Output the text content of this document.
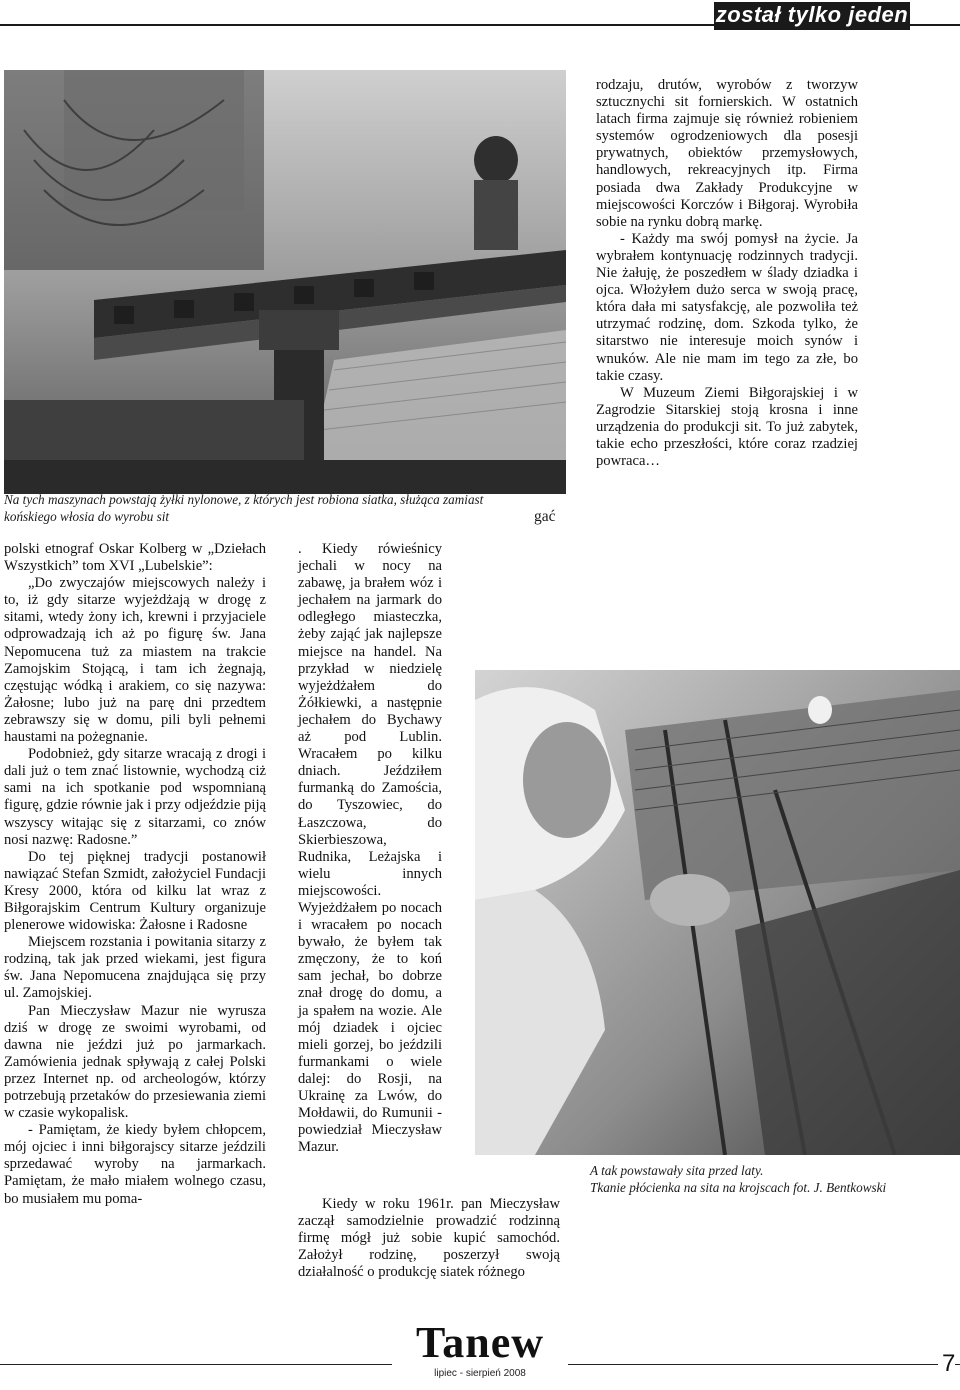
został tylko jeden
Na tych maszynach powstają żyłki nylonowe, z których jest robiona siatka, służąca zamiast końskiego włosia do wyrobu sit	gać

rodzaju, drutów, wyrobów z tworzyw sztucznychi sit fornierskich. W ostatnich latach firma zajmuje się również robieniem systemów ogrodzeniowych dla posesji prywatnych, obiektów przemysłowych, handlowych, rekreacyjnych itp. Firma posiada dwa Zakłady Produkcyjne w miejscowości Korczów i Biłgoraj. Wyrobiła sobie na rynku dobrą markę.

- Każdy ma swój pomysł na życie. Ja wybrałem kontynuację rodzinnych tradycji. Nie żałuję, że poszedłem w ślady dziadka i ojca. Włożyłem dużo serca w swoją pracę, która dała mi satysfakcję, ale pozwoliła też utrzymać rodzinę, dom. Szkoda tylko, że sitarstwo nie interesuje moich synów i wnuków. Ale nie mam im tego za złe, bo takie czasy.

W Muzeum Ziemi Biłgorajskiej i w Zagrodzie Sitarskiej stoją krosna i inne urządzenia do produkcji sit. To już zabytek, takie echo przeszłości, które coraz rzadziej powraca…

polski etnograf Oskar Kolberg w „Dziełach Wszystkich” tom XVI „Lubelskie”:

„Do zwyczajów miejscowych należy i to, iż gdy sitarze wyjeżdżają w drogę z sitami, wtedy żony ich, krewni i przyjaciele odprowadzają ich aż po figurę św. Jana Nepomucena tuż za miastem na trakcie Zamojskim Stojącą, i tam ich żegnają, częstując wódką i arakiem, co się nazywa: Żałosne; lubo już na parę dni przedtem zebrawszy się w domu, pili byli pełnemi haustami na pożegnanie.

Podobnież, gdy sitarze wracają z drogi i dali już o tem znać listownie, wychodzą ciż sami na ich spotkanie pod wspomnianą figurę, gdzie równie jak i przy odjeździe piją wszyscy witając się z sitarzami, co znów nosi nazwę: Radosne.”

Do tej pięknej tradycji postanowił nawiązać Stefan Szmidt, założyciel Fundacji Kresy 2000, która od kilku lat wraz z Biłgorajskim Centrum Kultury organizuje plenerowe widowiska: Żałosne i Radosne

Miejscem rozstania i powitania sitarzy z rodziną, tak jak przed wiekami, jest figura św. Jana Nepomucena znajdująca się przy ul. Zamojskiej.

Pan Mieczysław Mazur nie wyrusza dziś w drogę ze swoimi wyrobami, od dawna nie jeździ już po jarmarkach. Zamówienia jednak spływają z całej Polski przez Internet np. od archeologów, którzy potrzebują przetaków do przesiewania ziemi w czasie wykopalisk.

- Pamiętam, że kiedy byłem chłopcem, mój ojciec i inni biłgorajscy sitarze jeździli sprzedawać wyroby na jarmarkach. Pamiętam, że mało miałem wolnego czasu, bo musiałem mu poma-

. Kiedy rówieśnicy jechali w nocy na zabawę, ja brałem wóz i jechałem na jarmark do odległego miasteczka, żeby zająć jak najlepsze miejsce na handel. Na przykład w niedzielę wyjeżdżałem do Żółkiewki, a następnie jechałem do Bychawy aż pod Lublin. Wracałem po kilku dniach. Jeździłem furmanką do Zamościa, do Tyszowiec, do Łaszczowa, do Skierbieszowa, Rudnika, Leżajska i wielu innych miejscowości. Wyjeżdżałem po nocach i wracałem po nocach bywało, że byłem tak zmęczony, że to koń sam jechał, bo dobrze znał drogę do domu, a ja spałem na wozie. Ale mój dziadek i ojciec mieli gorzej, bo jeździli furmankami o wiele dalej: do Rosji, na Ukrainę za Lwów, do Mołdawii, do Rumunii -powiedział Mieczysław Mazur.

A tak powstawały sita przed laty.
Tkanie płócienka na sita na krojscach fot. J. Bentkowski

Kiedy w roku 1961r. pan Mieczysław zaczął samodzielnie prowadzić rodzinną firmę mógł już sobie kupić samochód. Założył rodzinę, poszerzył swoją działalność o produkcję siatek różnego

Tanew
lipiec - sierpień 2008	7
